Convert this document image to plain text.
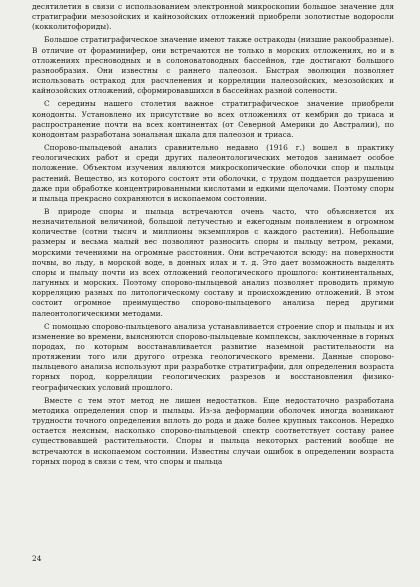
десятилетия в связи с использованием электронной микроскопии большое значение для стратиграфии мезозойских и кайнозойских отложений приобрели золотистые водоросли (кокколитофориды).

Большое стратиграфическое значение имеют также остракоды (низшие ракообразные). В отличие от фораминифер, они встречаются не только в морских отложениях, но и в отложениях пресноводных и в солоноватоводных бассейнов, где достигают большого разнообразия. Они известны с раннего палеозоя. Быстрая эволюция позволяет использовать остракод для расчленения и корреляции палеозойских, мезозойских и кайнозойских отложений, сформировавшихся в бассейнах разной солености.

С середины нашего столетия важное стратиграфическое значение приобрели конодонты. Установлено их присутствие во всех отложениях от кембрия до триаса и распространение почти на всех континентах (от Северной Америки до Австралии), по конодонтам разработана зональная шкала для палеозоя и триаса.

Спорово-пыльцевой анализ сравнительно недавно (1916 г.) вошел в практику геологических работ и среди других палеонтологических методов занимает особое положение. Объектом изучения являются микроскопические оболочки спор и пыльцы растений. Вещество, из которого состоят эти оболочки, с трудом поддается разрушению даже при обработке концентрированными кислотами и едкими щелочами. Поэтому споры и пыльца прекрасно сохраняются в ископаемом состоянии.

В природе споры и пыльца встречаются очень часто, что объясняется их незначительной величиной, большой летучестью и ежегодным появлением в огромном количестве (сотни тысяч и миллионы экземпляров с каждого растения). Небольшие размеры и весьма малый вес позволяют разносить споры и пыльцу ветром, реками, морскими течениями на огромные расстояния. Они встречаются всюду: на поверхности почвы, во льду, в морской воде, в донных илах и т. д. Это дает возможность выделять споры и пыльцу почти из всех отложений геологического прошлого: континентальных, лагунных и морских. Поэтому спорово-пыльцевой анализ позволяет проводить прямую корреляцию разных по литологическому составу и происхождению отложений. В этом состоит огромное преимущество спорово-пыльцевого анализа перед другими палеонтологическими методами.

С помощью спорово-пыльцевого анализа устанавливается строение спор и пыльцы и их изменение во времени, выясняются спорово-пыльцевые комплексы, заключенные в горных породах, по которым восстанавливается развитие наземной растительности на протяжении того или другого отрезка геологического времени. Данные спорово-пыльцевого анализа используют при разработке стратиграфии, для определения возраста горных пород, корреляции геологических разрезов и восстановления физико-географических условий прошлого.

Вместе с тем этот метод не лишен недостатков. Еще недостаточно разработана методика определения спор и пыльцы. Из-за деформации оболочек иногда возникают трудности точного определения вплоть до рода и даже более крупных таксонов. Нередко остается неясным, насколько спорово-пыльцевой спектр соответствует составу ранее существовавшей растительности. Споры и пыльца некоторых растений вообще не встречаются в ископаемом состоянии. Известны случаи ошибок в определении возраста горных пород в связи с тем, что споры и пыльца

24
